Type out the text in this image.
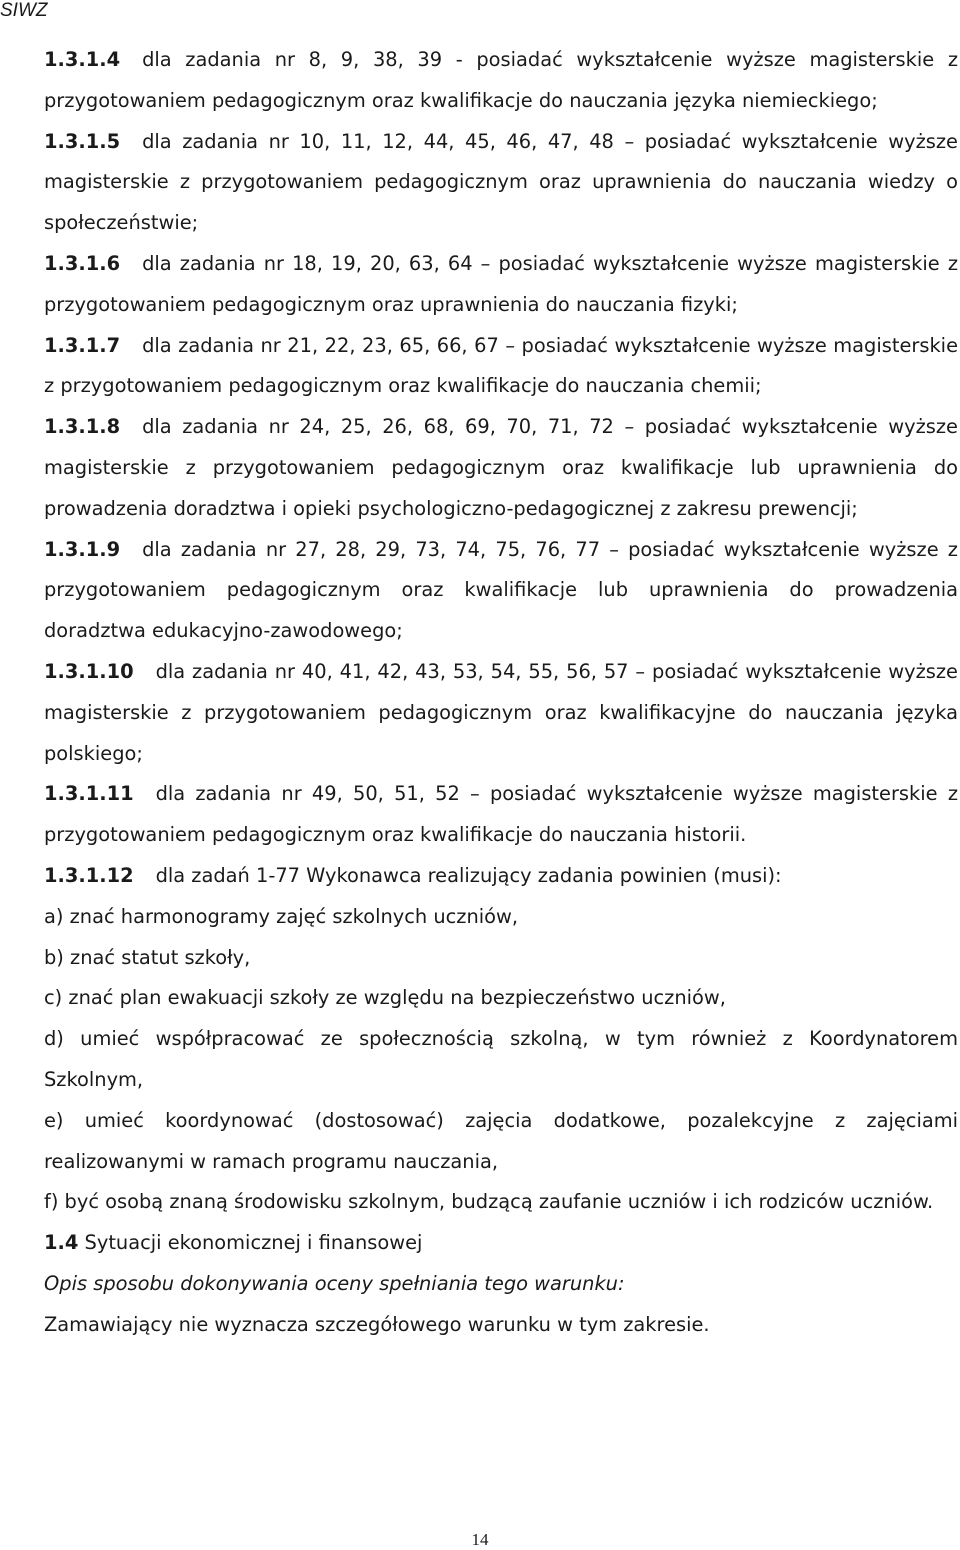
SIWZ

1.3.1.4 dla zadania nr 8, 9, 38, 39 - posiadać wykształcenie wyższe magisterskie z przygotowaniem pedagogicznym oraz kwalifikacje do nauczania języka niemieckiego;

1.3.1.5 dla zadania nr 10, 11, 12, 44, 45, 46, 47, 48 – posiadać wykształcenie wyższe magisterskie z przygotowaniem pedagogicznym oraz uprawnienia do nauczania wiedzy o społeczeństwie;

1.3.1.6 dla zadania nr 18, 19, 20, 63, 64 – posiadać wykształcenie wyższe magisterskie z przygotowaniem pedagogicznym oraz uprawnienia do nauczania fizyki;

1.3.1.7 dla zadania nr 21, 22, 23, 65, 66, 67 – posiadać wykształcenie wyższe magisterskie z przygotowaniem pedagogicznym oraz kwalifikacje do nauczania chemii;

1.3.1.8 dla zadania nr 24, 25, 26, 68, 69, 70, 71, 72 – posiadać wykształcenie wyższe magisterskie z przygotowaniem pedagogicznym oraz kwalifikacje lub uprawnienia do prowadzenia doradztwa i opieki psychologiczno-pedagogicznej z zakresu prewencji;

1.3.1.9 dla zadania nr 27, 28, 29, 73, 74, 75, 76, 77 – posiadać wykształcenie wyższe z przygotowaniem pedagogicznym oraz kwalifikacje lub uprawnienia do prowadzenia doradztwa edukacyjno-zawodowego;

1.3.1.10 dla zadania nr 40, 41, 42, 43, 53, 54, 55, 56, 57 – posiadać wykształcenie wyższe magisterskie z przygotowaniem pedagogicznym oraz kwalifikacyjne do nauczania języka polskiego;

1.3.1.11 dla zadania nr 49, 50, 51, 52 – posiadać wykształcenie wyższe magisterskie z przygotowaniem pedagogicznym oraz kwalifikacje do nauczania historii.

1.3.1.12 dla zadań 1-77 Wykonawca realizujący zadania powinien (musi):

a) znać harmonogramy zajęć szkolnych uczniów,

b) znać statut szkoły,

c) znać plan ewakuacji szkoły ze względu na bezpieczeństwo uczniów,

d) umieć współpracować ze społecznością szkolną, w tym również z Koordynatorem Szkolnym,

e) umieć koordynować (dostosować) zajęcia dodatkowe, pozalekcyjne z zajęciami realizowanymi w ramach programu nauczania,

f) być osobą znaną środowisku szkolnym, budzącą zaufanie uczniów i ich rodziców uczniów.

1.4 Sytuacji ekonomicznej i finansowej

Opis sposobu dokonywania oceny spełniania tego warunku:

Zamawiający nie wyznacza szczegółowego warunku w tym zakresie.

14
